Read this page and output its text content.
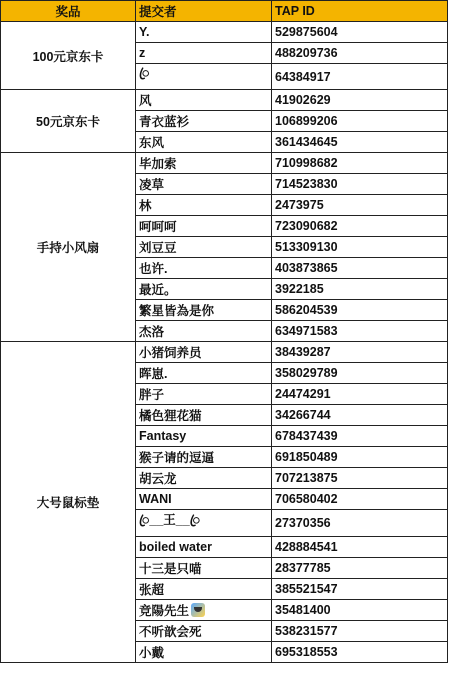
奖品	提交者	TAP ID
100元京东卡	Y.	529875604
	z	488209736
	ꦿ	64384917
50元京东卡	风	41902629
	青衣蓝衫	106899206
	东风	361434645
手持小风扇	毕加索	710998682
	凌草	714523830
	林	2473975
	呵呵呵	723090682
	刘豆豆	513309130
	也许.	403873865
	最近。	3922185
	繁星皆為是你	586204539
	杰洛	634971583
大号鼠标垫	小猪饲养员	38439287
	晖崽.	358029789
	胖子	24474291
	橘色狸花猫	34266744
	Fantasy	678437439
	猴子请的逗逼	691850489
	胡云龙	707213875
	WANI	706580402
	ꦿ__王__ꦿ	27370356
	boiled water	428884541
	十三是只喵	28377785
	张超	385521547
	竞陽先生	35481400
	不听歆会死	538231577
	小戴	695318553
